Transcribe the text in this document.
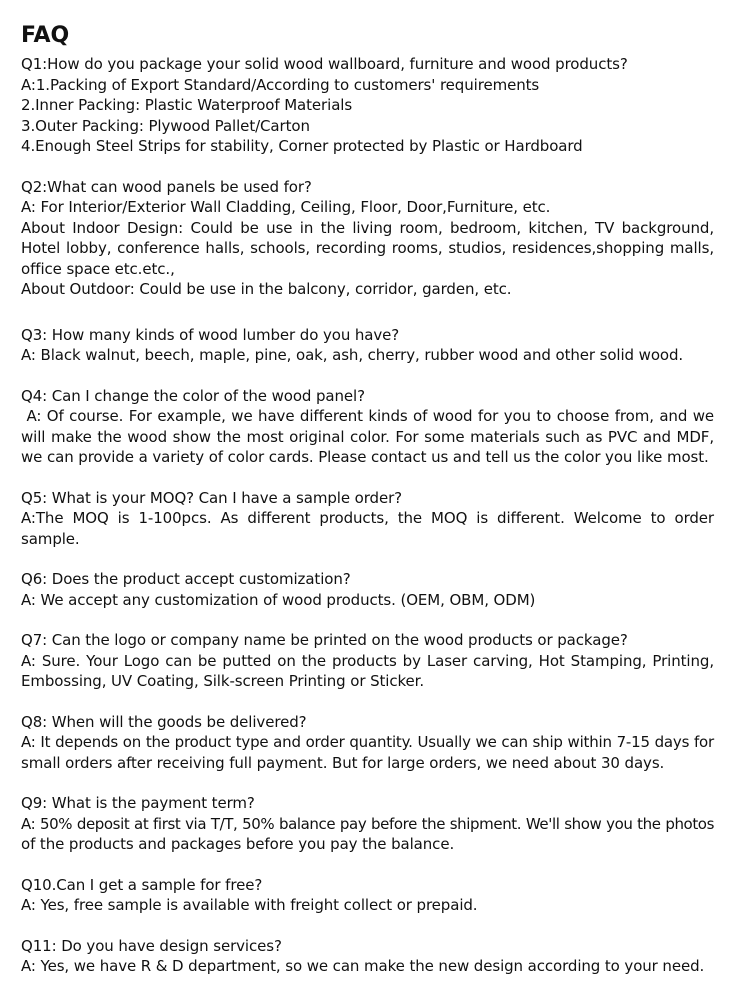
FAQ
Q1:How do you package your solid wood wallboard, furniture and wood products?
A:1.Packing of Export Standard/According to customers' requirements
2.Inner Packing: Plastic Waterproof Materials
3.Outer Packing: Plywood Pallet/Carton
4.Enough Steel Strips for stability, Corner protected by Plastic or Hardboard
Q2:What can wood panels be used for?
A: For Interior/Exterior Wall Cladding, Ceiling, Floor, Door,Furniture, etc.
About Indoor Design: Could be use in the living room, bedroom, kitchen, TV background,
Hotel lobby, conference halls, schools, recording rooms, studios, residences,shopping malls,
office space etc.etc.,
About Outdoor: Could be use in the balcony, corridor, garden, etc.
Q3: How many kinds of wood lumber do you have?
A: Black walnut, beech, maple, pine, oak, ash, cherry, rubber wood and other solid wood.
Q4: Can I change the color of the wood panel?
A: Of course. For example, we have different kinds of wood for you to choose from, and we
will make the wood show the most original color. For some materials such as PVC and MDF,
we can provide a variety of color cards. Please contact us and tell us the color you like most.
Q5: What is your MOQ? Can I have a sample order?
A:The MOQ is 1-100pcs. As different products, the MOQ is different. Welcome to order
sample.
Q6: Does the product accept customization?
A: We accept any customization of wood products. (OEM, OBM, ODM)
Q7: Can the logo or company name be printed on the wood products or package?
A: Sure. Your Logo can be putted on the products by Laser carving, Hot Stamping, Printing,
Embossing, UV Coating, Silk-screen Printing or Sticker.
Q8: When will the goods be delivered?
A: It depends on the product type and order quantity. Usually we can ship within 7-15 days for
small orders after receiving full payment. But for large orders, we need about 30 days.
Q9: What is the payment term?
A: 50% deposit at first via T/T, 50% balance pay before the shipment. We'll show you the photos
of the products and packages before you pay the balance.
Q10.Can I get a sample for free?
A: Yes, free sample is available with freight collect or prepaid.
Q11: Do you have design services?
A: Yes, we have R & D department, so we can make the new design according to your need.
